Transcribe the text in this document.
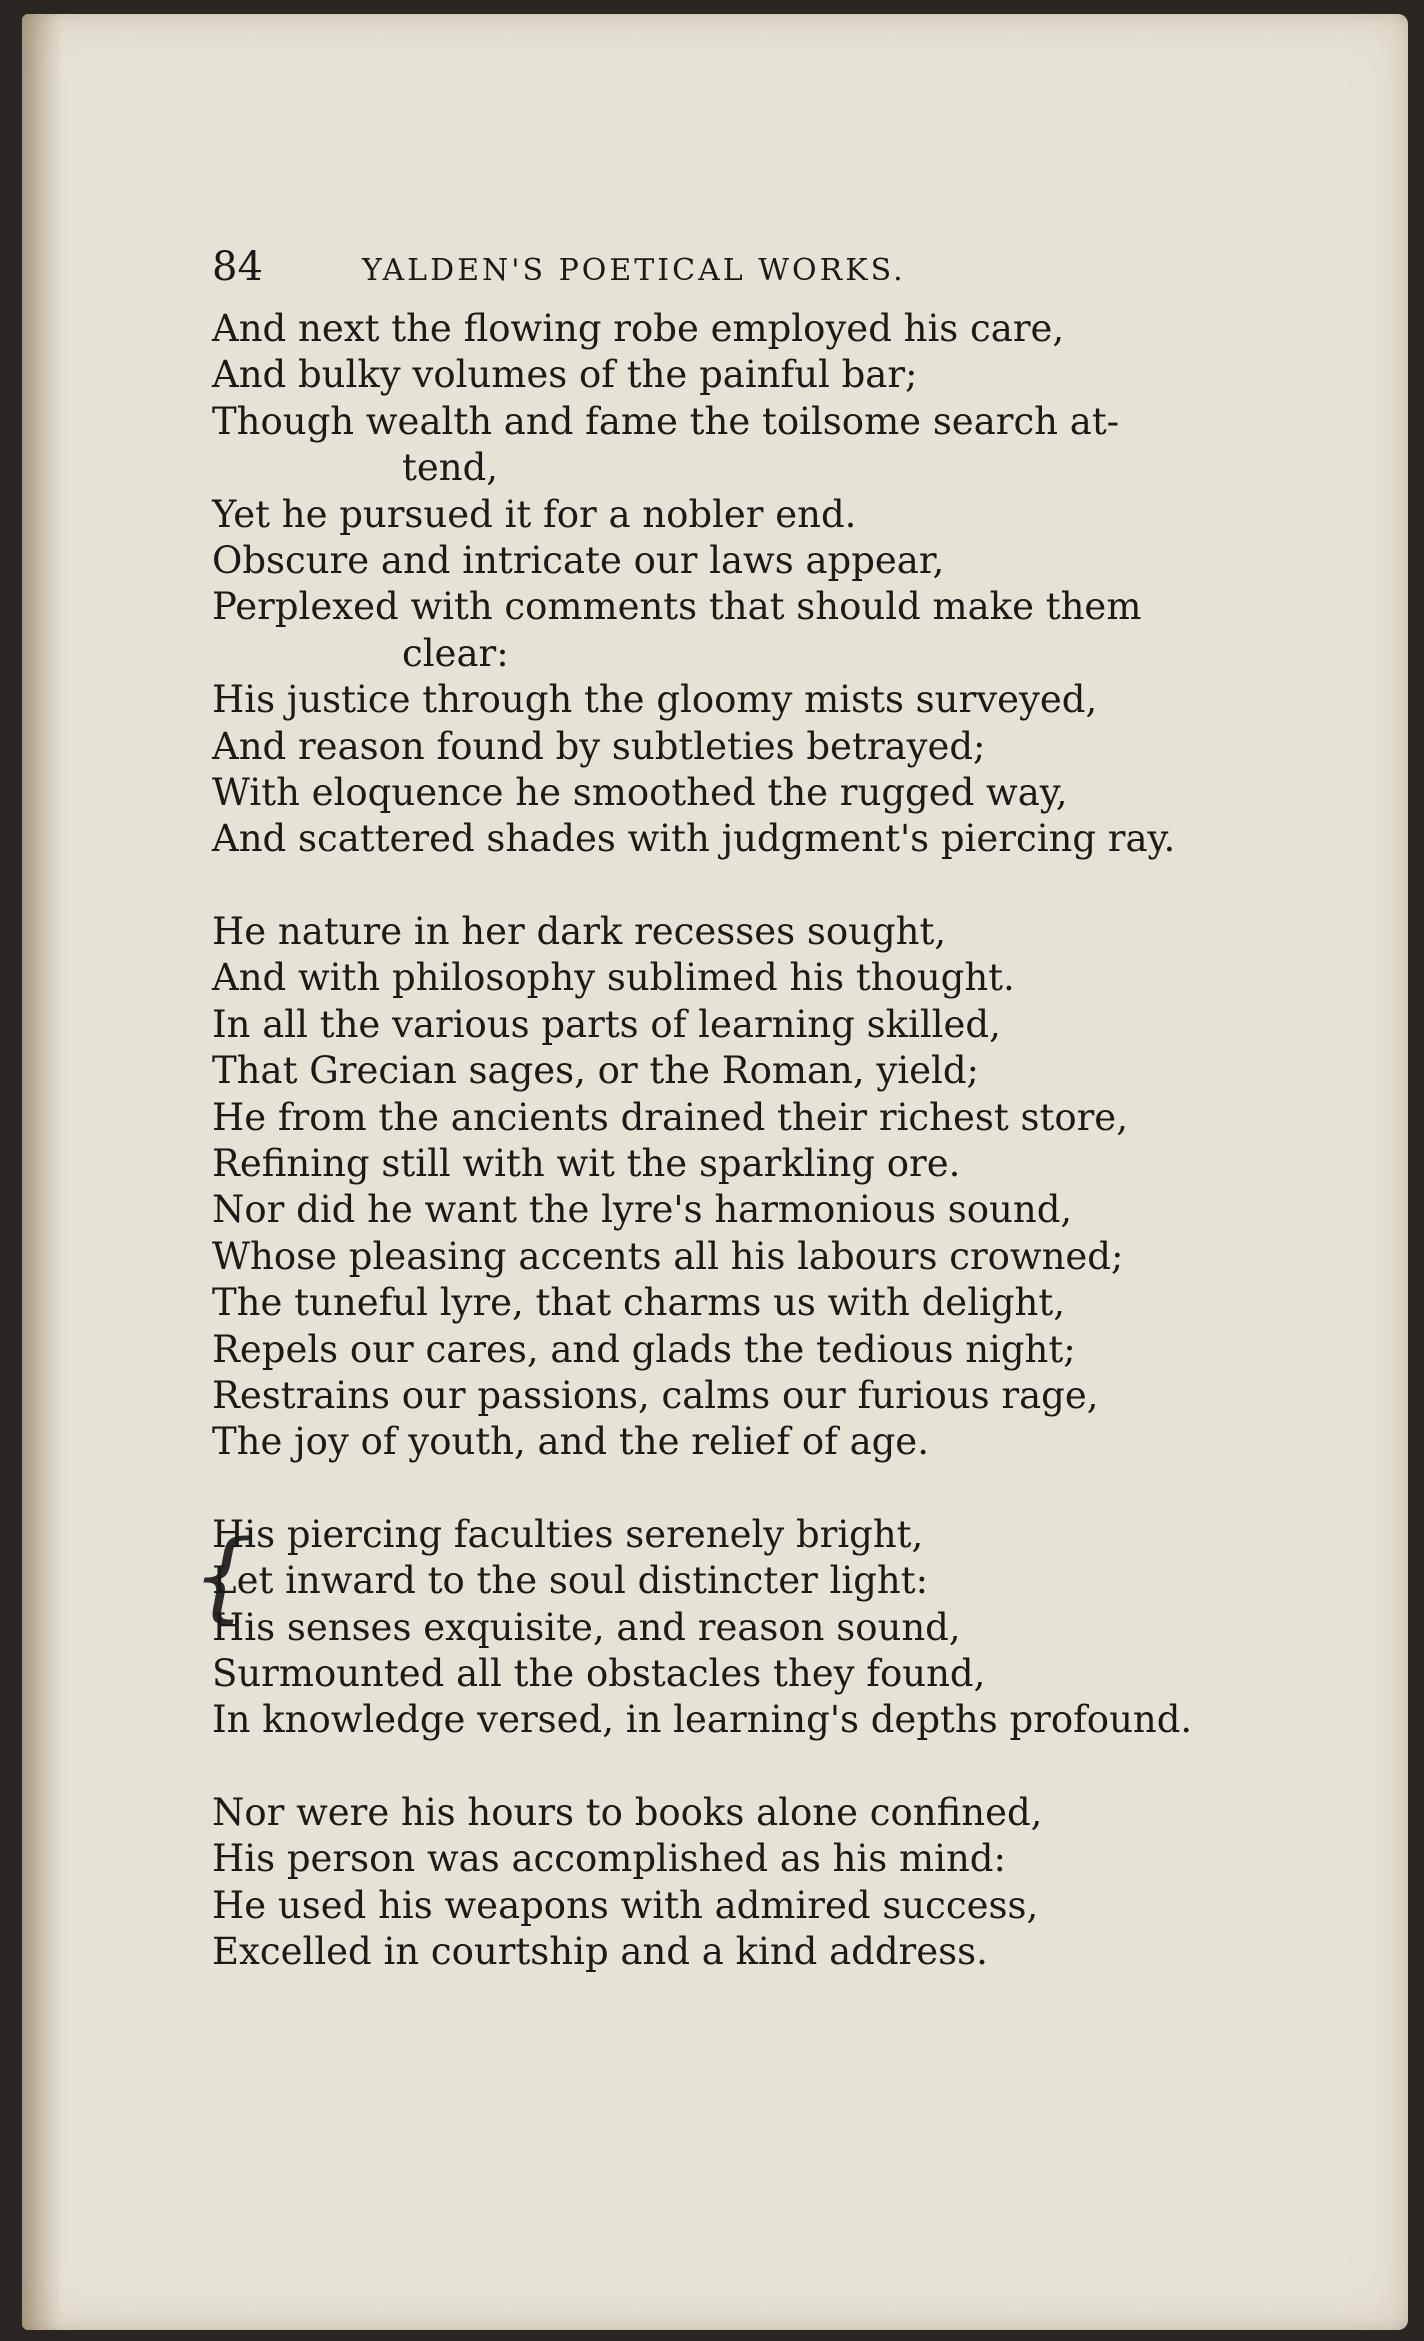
{
84	YALDEN'S POETICAL WORKS.
And next the flowing robe employed his care,
And bulky volumes of the painful bar;
Though wealth and fame the toilsome search at-
tend,
Yet he pursued it for a nobler end.
Obscure and intricate our laws appear,
Perplexed with comments that should make them
clear:
His justice through the gloomy mists surveyed,
And reason found by subtleties betrayed;
With eloquence he smoothed the rugged way,
And scattered shades with judgment's piercing ray.
He nature in her dark recesses sought,
And with philosophy sublimed his thought.
In all the various parts of learning skilled,
That Grecian sages, or the Roman, yield;
He from the ancients drained their richest store,
Refining still with wit the sparkling ore.
Nor did he want the lyre's harmonious sound,
Whose pleasing accents all his labours crowned;
The tuneful lyre, that charms us with delight,
Repels our cares, and glads the tedious night;
Restrains our passions, calms our furious rage,
The joy of youth, and the relief of age.
His piercing faculties serenely bright,
Let inward to the soul distincter light:
His senses exquisite, and reason sound,
Surmounted all the obstacles they found,
In knowledge versed, in learning's depths profound.
Nor were his hours to books alone confined,
His person was accomplished as his mind:
He used his weapons with admired success,
Excelled in courtship and a kind address.
